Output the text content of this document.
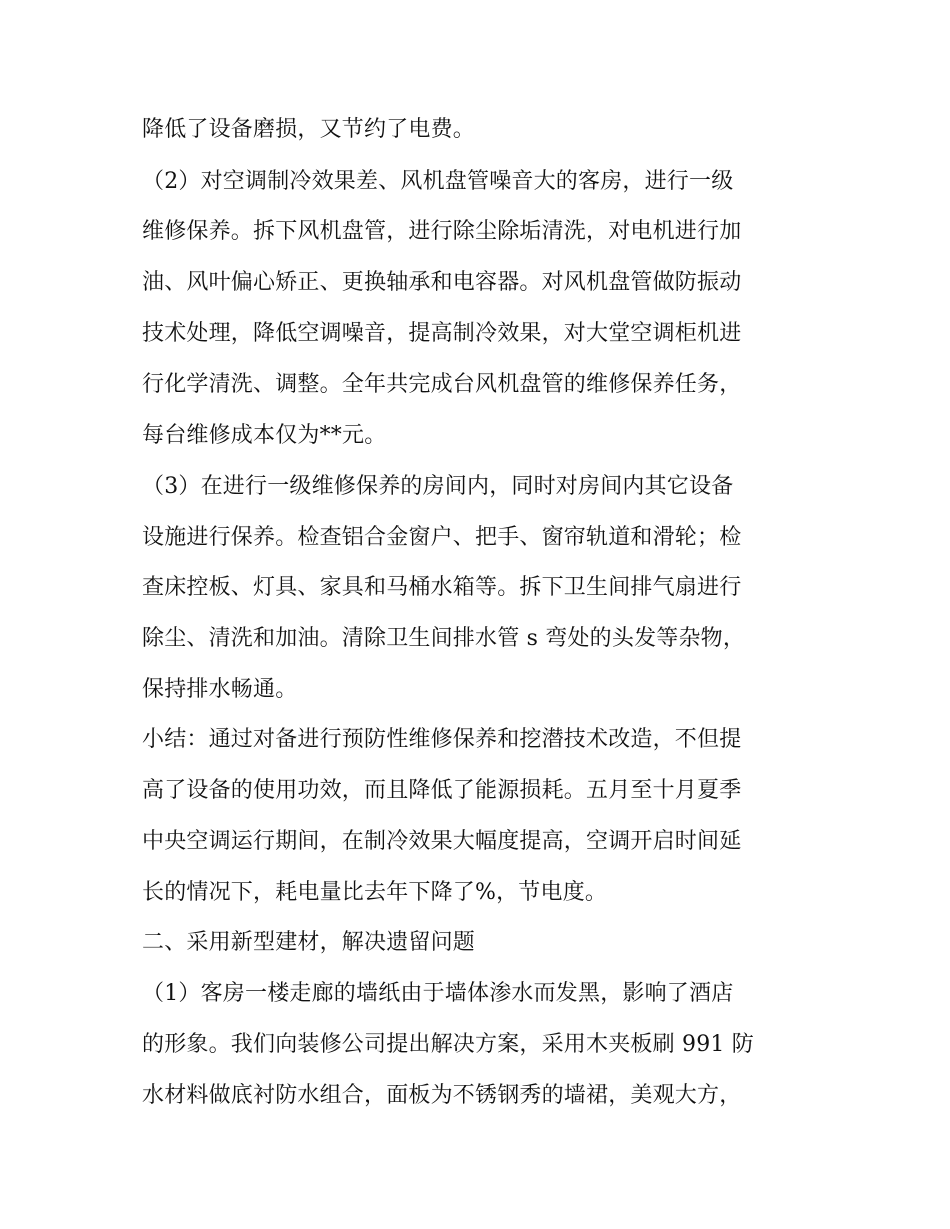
降低了设备磨损，又节约了电费。
（2）对空调制冷效果差、风机盘管噪音大的客房，进行一级
维修保养。拆下风机盘管，进行除尘除垢清洗，对电机进行加
油、风叶偏心矫正、更换轴承和电容器。对风机盘管做防振动
技术处理，降低空调噪音，提高制冷效果，对大堂空调柜机进
行化学清洗、调整。全年共完成台风机盘管的维修保养任务，
每台维修成本仅为**元。
（3）在进行一级维修保养的房间内，同时对房间内其它设备
设施进行保养。检查铝合金窗户、把手、窗帘轨道和滑轮；检
查床控板、灯具、家具和马桶水箱等。拆下卫生间排气扇进行
除尘、清洗和加油。清除卫生间排水管 s 弯处的头发等杂物，
保持排水畅通。
小结：通过对备进行预防性维修保养和挖潜技术改造，不但提
高了设备的使用功效，而且降低了能源损耗。五月至十月夏季
中央空调运行期间，在制冷效果大幅度提高，空调开启时间延
长的情况下，耗电量比去年下降了%，节电度。
二、采用新型建材，解决遗留问题
（1）客房一楼走廊的墙纸由于墙体渗水而发黑，影响了酒店
的形象。我们向装修公司提出解决方案，采用木夹板刷 991 防
水材料做底衬防水组合，面板为不锈钢秀的墙裙，美观大方，
